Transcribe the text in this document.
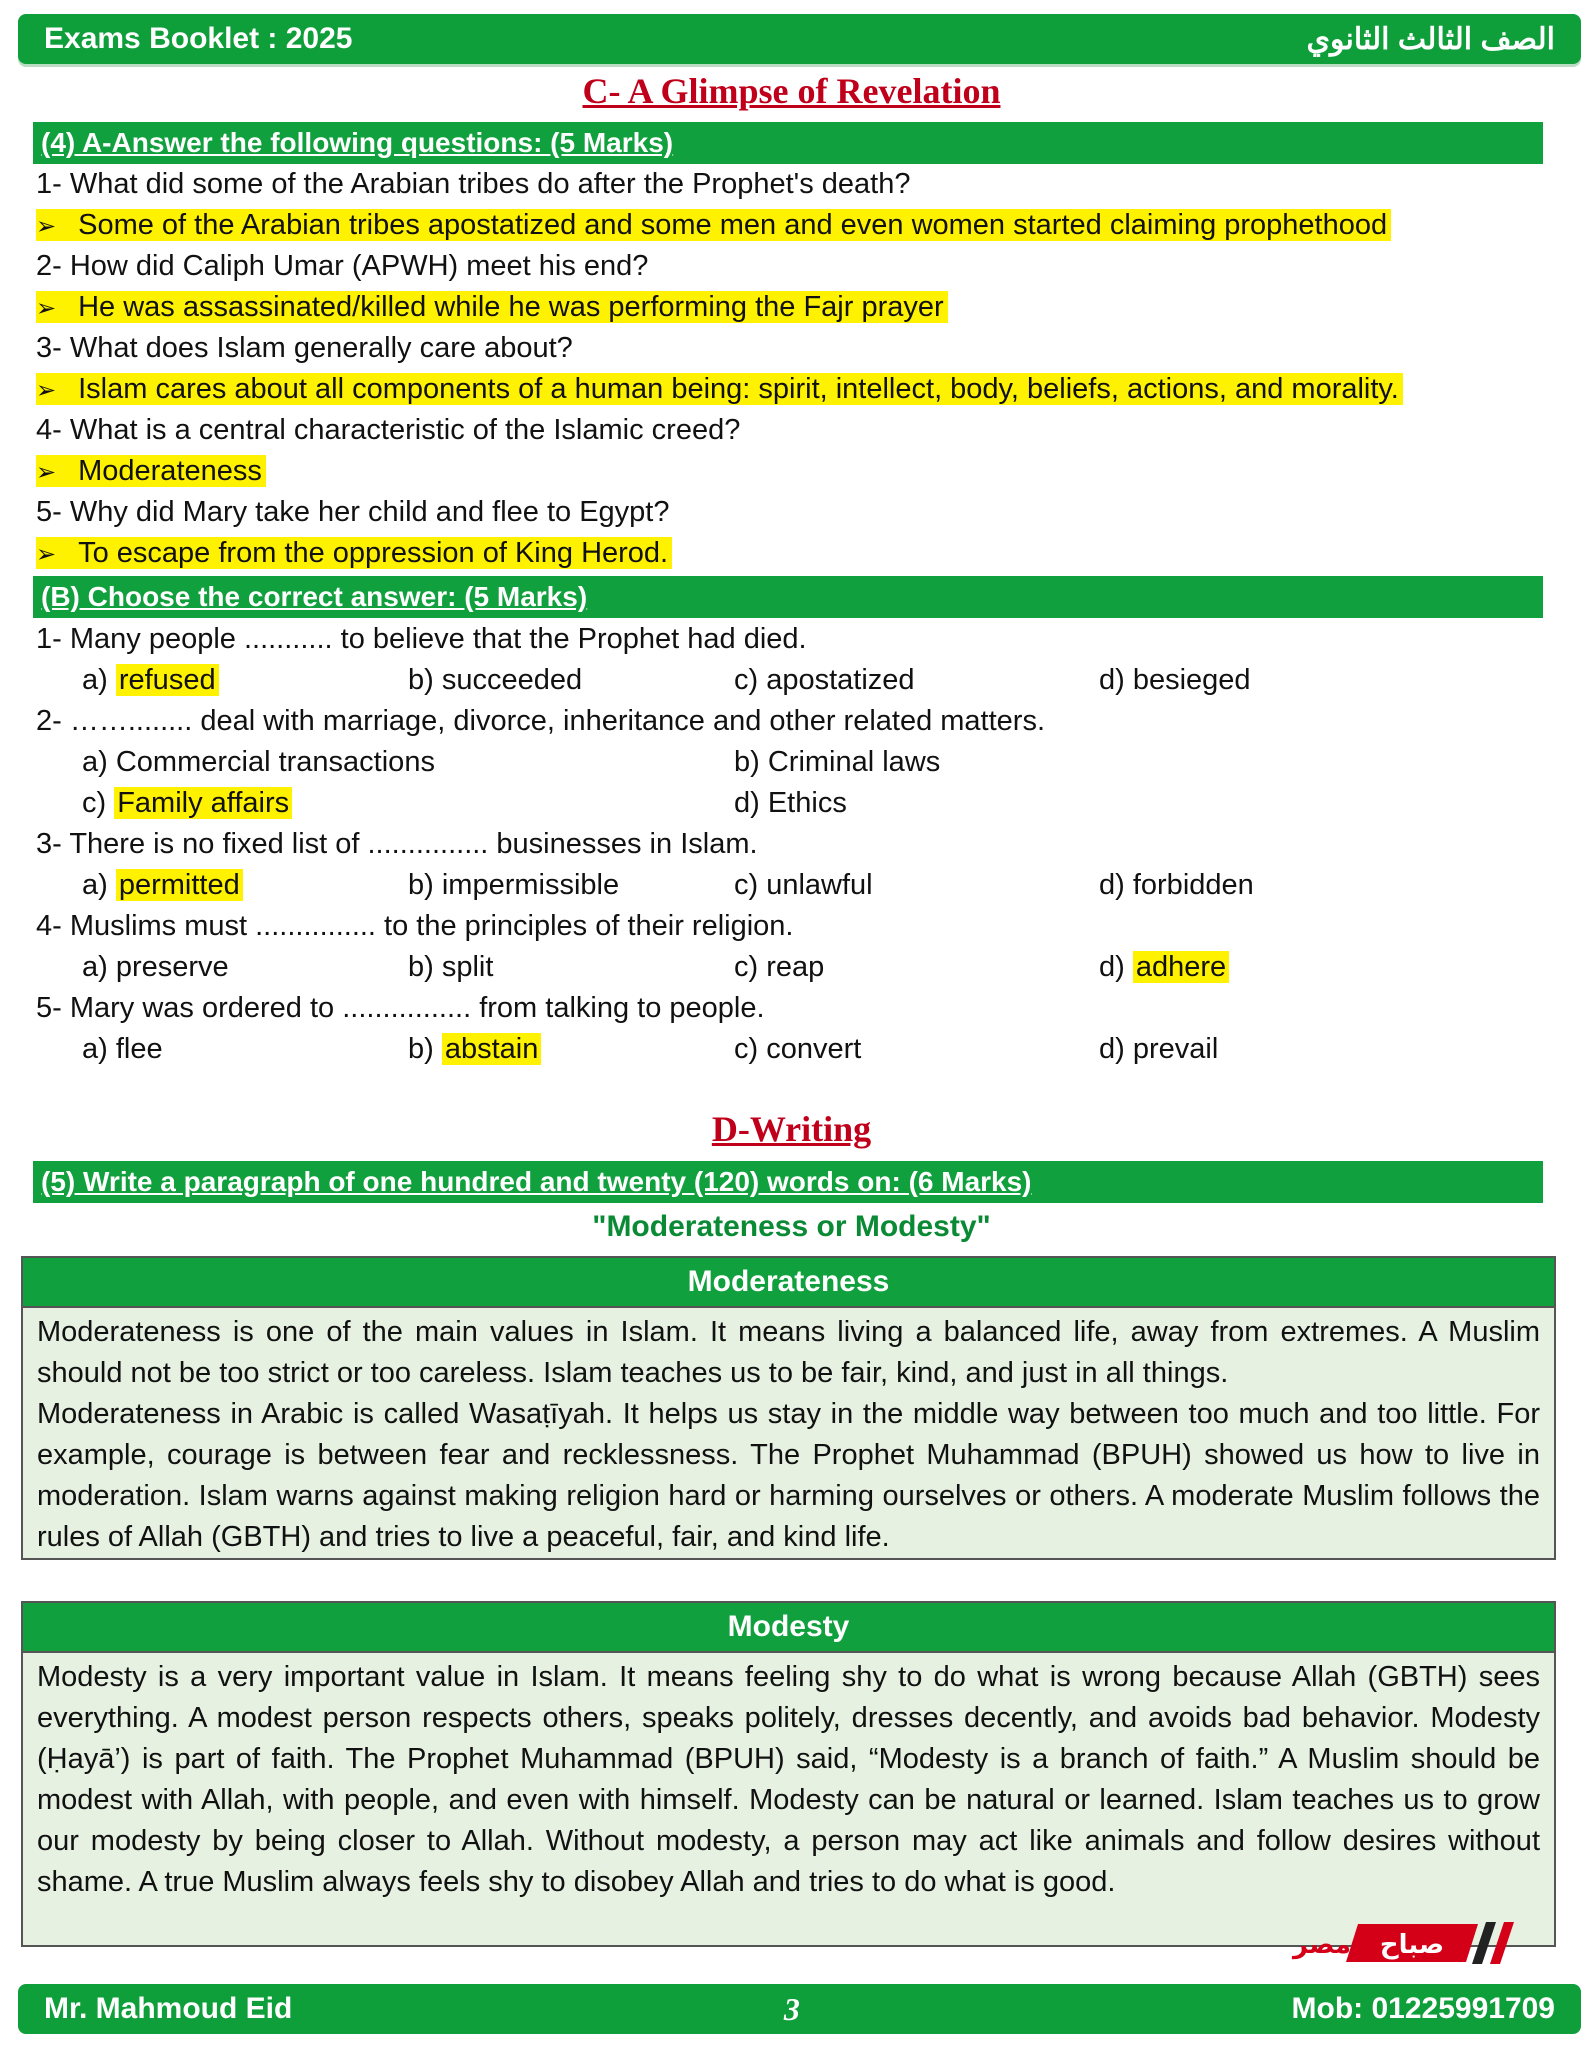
Exams Booklet : 2025	الصف الثالث الثانوي
C- A Glimpse of Revelation
(4) A-Answer the following questions: (5 Marks)
1- What did some of the Arabian tribes do after the Prophet's death?
➢ Some of the Arabian tribes apostatized and some men and even women started claiming prophethood
2- How did Caliph Umar (APWH) meet his end?
➢ He was assassinated/killed while he was performing the Fajr prayer
3- What does Islam generally care about?
➢ Islam cares about all components of a human being: spirit, intellect, body, beliefs, actions, and morality.
4- What is a central characteristic of the Islamic creed?
➢ Moderateness
5- Why did Mary take her child and flee to Egypt?
➢ To escape from the oppression of King Herod.
(B) Choose the correct answer: (5 Marks)
1- Many people ........... to believe that the Prophet had died.
a) refused	b) succeeded	c) apostatized	d) besieged
2- ……........ deal with marriage, divorce, inheritance and other related matters.
a) Commercial transactions	b) Criminal laws
c) Family affairs	d) Ethics
3- There is no fixed list of ............... businesses in Islam.
a) permitted	b) impermissible	c) unlawful	d) forbidden
4- Muslims must ............... to the principles of their religion.
a) preserve	b) split	c) reap	d) adhere
5- Mary was ordered to ................ from talking to people.
a) flee	b) abstain	c) convert	d) prevail
D-Writing
(5) Write a paragraph of one hundred and twenty (120) words on: (6 Marks)
"Moderateness or Modesty"
Moderateness
Moderateness is one of the main values in Islam. It means living a balanced life, away from extremes. A Muslim should not be too strict or too careless. Islam teaches us to be fair, kind, and just in all things.
Moderateness in Arabic is called Wasaṭīyah. It helps us stay in the middle way between too much and too little. For example, courage is between fear and recklessness. The Prophet Muhammad (BPUH) showed us how to live in moderation. Islam warns against making religion hard or harming ourselves or others. A moderate Muslim follows the rules of Allah (GBTH) and tries to live a peaceful, fair, and kind life.
Modesty
Modesty is a very important value in Islam. It means feeling shy to do what is wrong because Allah (GBTH) sees everything. A modest person respects others, speaks politely, dresses decently, and avoids bad behavior. Modesty (Ḥayā’) is part of faith. The Prophet Muhammad (BPUH) said, “Modesty is a branch of faith.” A Muslim should be modest with Allah, with people, and even with himself. Modesty can be natural or learned. Islam teaches us to grow our modesty by being closer to Allah. Without modesty, a person may act like animals and follow desires without shame. A true Muslim always feels shy to disobey Allah and tries to do what is good.
مصر صباح
Mr. Mahmoud Eid	3	Mob: 01225991709
